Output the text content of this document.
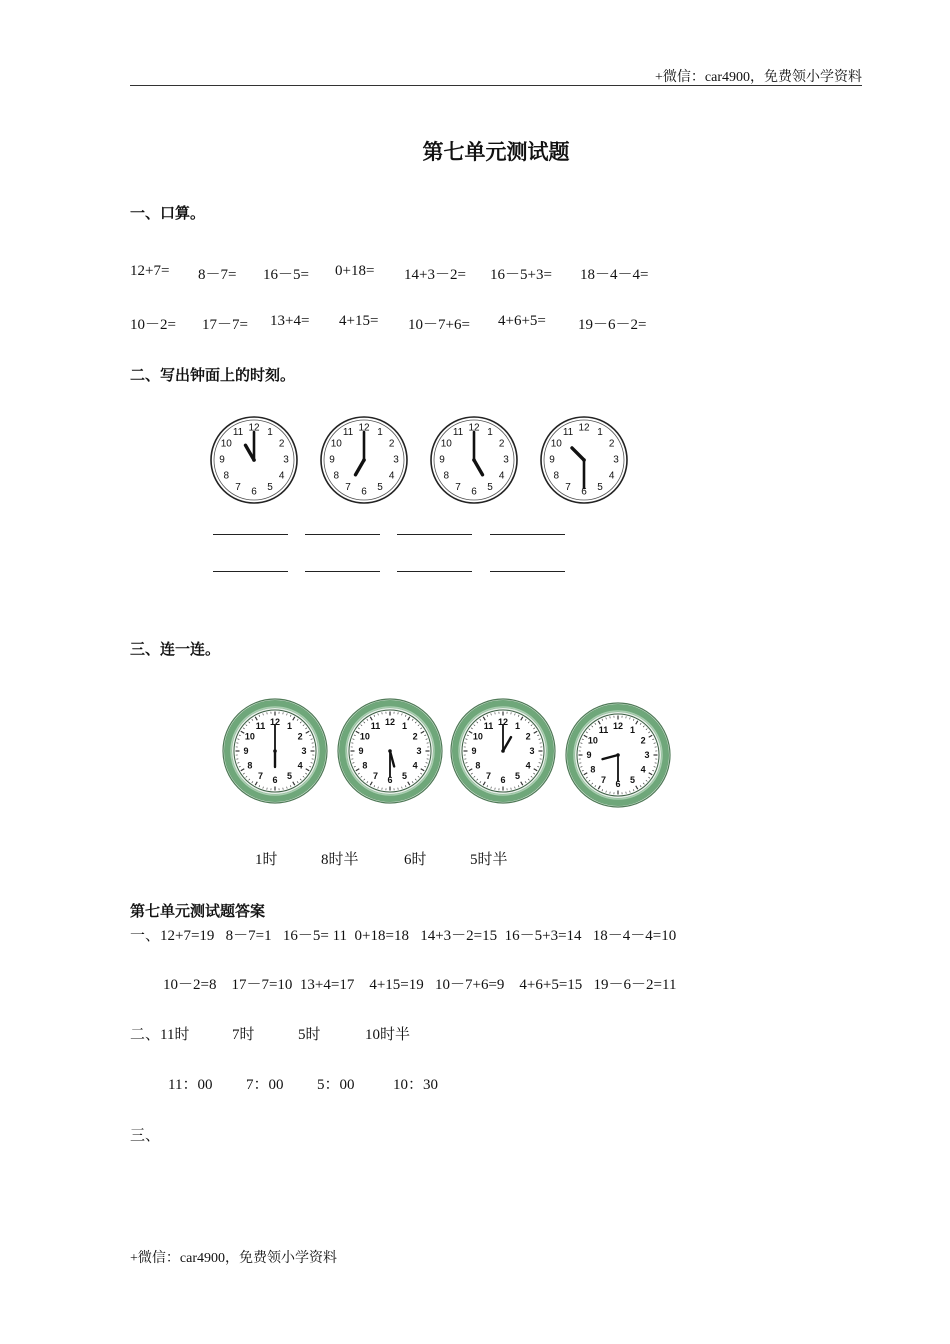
+微信：car4900，免费领小学资料
第七单元测试题
一、口算。
12+7= 8－7= 16－5= 0+18= 14+3－2= 16－5+3= 18－4－4=
10－2= 17－7= 13+4= 4+15= 10－7+6= 4+6+5= 19－6－2=
二、写出钟面上的时刻。
1
2
3
4
5
6
7
8
9
10
11 12	1
2
3
4
5
6
7
8
9
10
11 12	1
2
3
4
5
6
7
8
9
10
11 12	1
2
3
4
5
6
7
8
9
10
11 12
三、连一连。
1
2
3
4
5
6
7
8
9
10
11 12	1
2
3
4
5
6
7
8
9
10
11 12	1
2
3
4
5
6
7
8
9
10
11 12
1
2
3
4
5
6
7
8
9
10
11 12
1时	8时半	6时	5时半
第七单元测试题答案
一、12+7=19   8－7=1   16－5= 11  0+18=18   14+3－2=15  16－5+3=14   18－4－4=10
10－2=8    17－7=10  13+4=17    4+15=19   10－7+6=9    4+6+5=15   19－6－2=11
二、11时	7时	5时	10时半
11：00 7：00 5：00	10：30
三、
+微信：car4900，免费领小学资料
